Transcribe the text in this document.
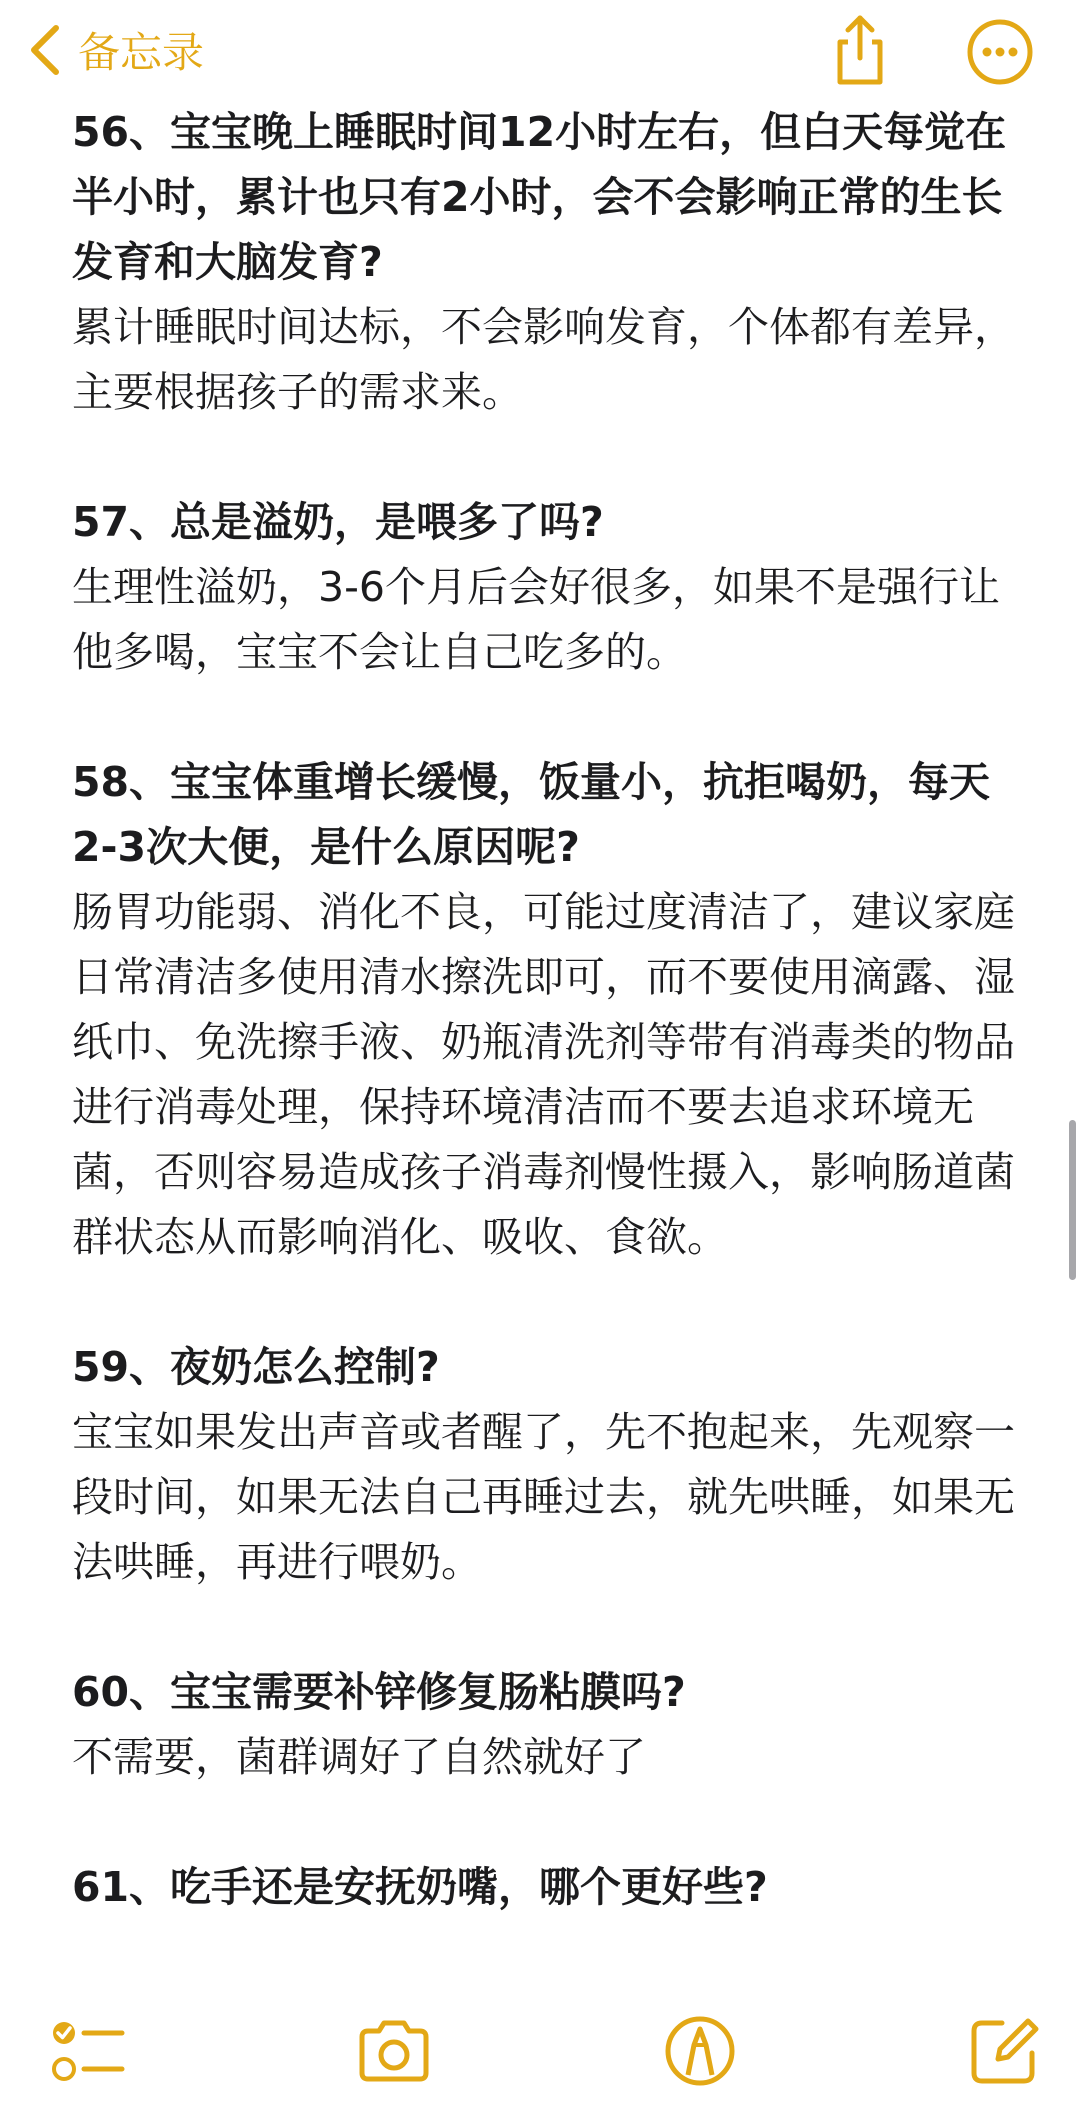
备忘录
56、宝宝晚上睡眠时间12小时左右，但白天每觉在半小时，累计也只有2小时，会不会影响正常的生长发育和大脑发育?
累计睡眠时间达标，不会影响发育，个体都有差异，主要根据孩子的需求来。
57、总是溢奶，是喂多了吗?
生理性溢奶，3-6个月后会好很多，如果不是强行让他多喝，宝宝不会让自己吃多的。
58、宝宝体重增长缓慢，饭量小，抗拒喝奶，每天2-3次大便，是什么原因呢?
肠胃功能弱、消化不良，可能过度清洁了，建议家庭日常清洁多使用清水擦洗即可，而不要使用滴露、湿纸巾、免洗擦手液、奶瓶清洗剂等带有消毒类的物品进行消毒处理，保持环境清洁而不要去追求环境无菌，否则容易造成孩子消毒剂慢性摄入，影响肠道菌群状态从而影响消化、吸收、食欲。
59、夜奶怎么控制?
宝宝如果发出声音或者醒了，先不抱起来，先观察一段时间，如果无法自己再睡过去，就先哄睡，如果无法哄睡，再进行喂奶。
60、宝宝需要补锌修复肠粘膜吗?
不需要，菌群调好了自然就好了
61、吃手还是安抚奶嘴，哪个更好些?
